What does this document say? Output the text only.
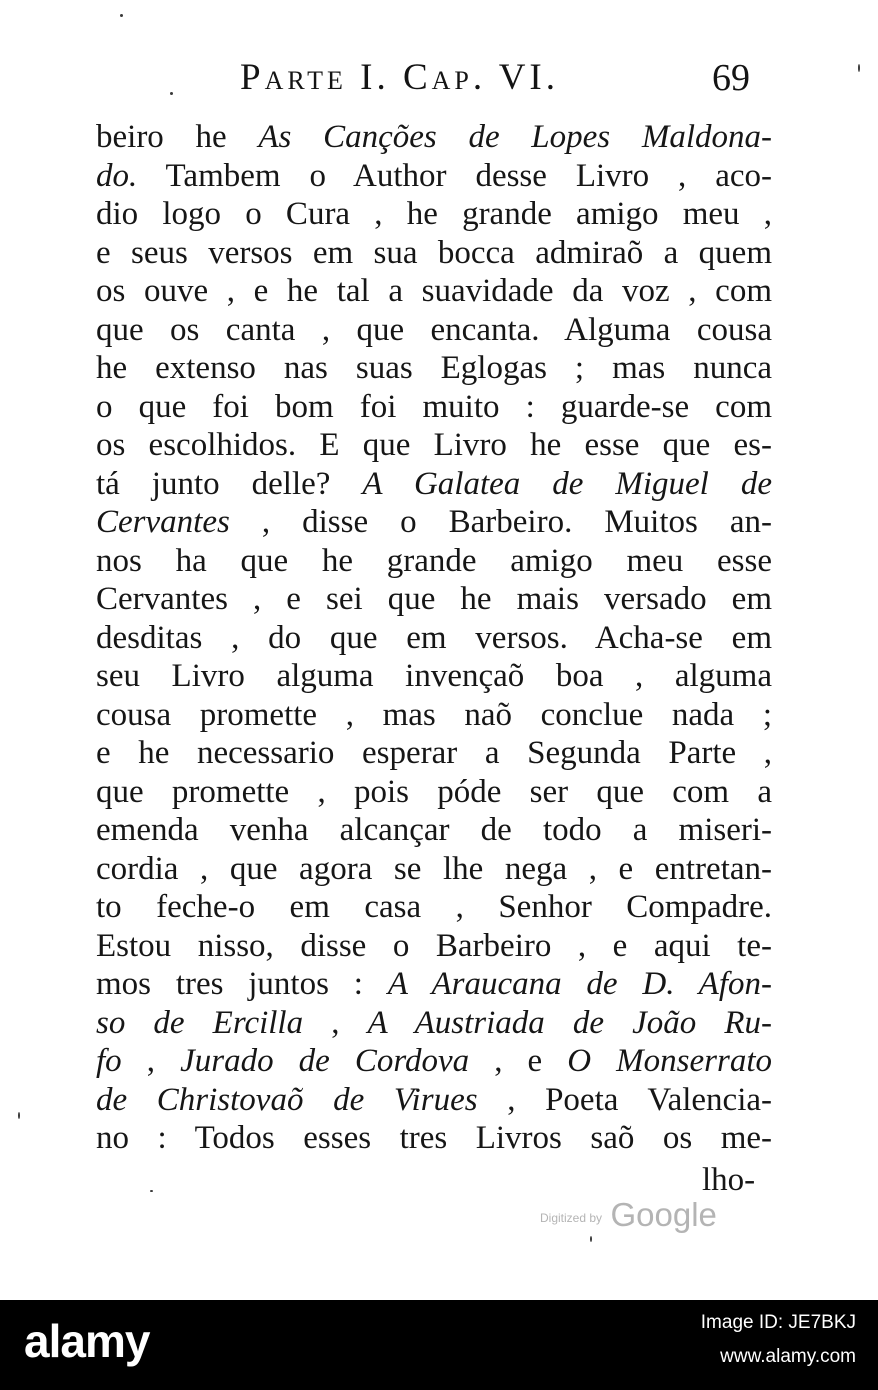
Parte I. Cap. VI.	69
beiro he As Canções de Lopes Maldona-
do. Tambem o Author desse Livro , aco-
dio logo o Cura , he grande amigo meu ,
e seus versos em sua bocca admiraõ a quem
os ouve , e he tal a suavidade da voz , com
que os canta , que encanta. Alguma cousa
he extenso nas suas Eglogas ; mas nunca
o que foi bom foi muito : guarde-se com
os escolhidos. E que Livro he esse que es-
tá junto delle? A Galatea de Miguel de
Cervantes , disse o Barbeiro. Muitos an-
nos ha que he grande amigo meu esse
Cervantes , e sei que he mais versado em
desditas , do que em versos. Acha-se em
seu Livro alguma invençaõ boa , alguma
cousa promette , mas naõ conclue nada ;
e he necessario esperar a Segunda Parte ,
que promette , pois póde ser que com a
emenda venha alcançar de todo a miseri-
cordia , que agora se lhe nega , e entretan-
to feche-o em casa , Senhor Compadre.
Estou nisso, disse o Barbeiro , e aqui te-
mos tres juntos : A Araucana de D. Afon-
so de Ercilla , A Austriada de João Ru-
fo , Jurado de Cordova , e O Monserrato
de Christovaõ de Virues , Poeta Valencia-
no : Todos esses tres Livros saõ os me-
lho-
Digitized by Google
alamy	Image ID: JE7BKJ
www.alamy.com
